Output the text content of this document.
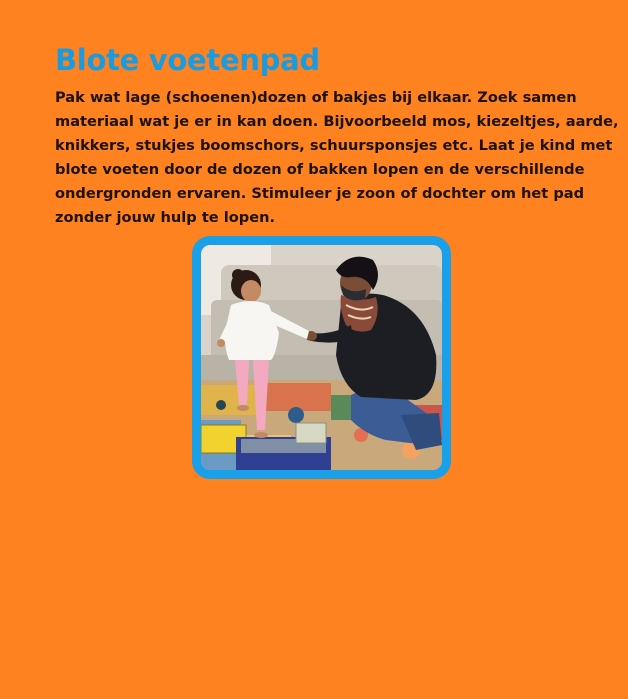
Blote voetenpad

Pak wat lage (schoenen)dozen of bakjes bij elkaar. Zoek samen
materiaal wat je er in kan doen. Bijvoorbeeld mos, kiezeltjes, aarde,
knikkers, stukjes boomschors, schuursponsjes etc. Laat je kind met
blote voeten door de dozen of bakken lopen en de verschillende
ondergronden ervaren. Stimuleer je zoon of dochter om het pad
zonder jouw hulp te lopen.
